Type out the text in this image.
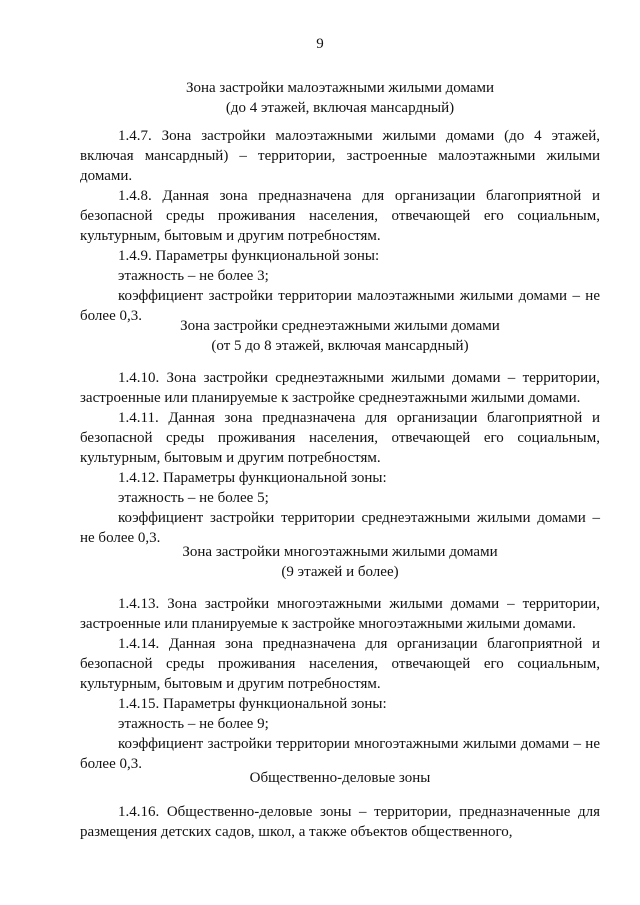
9
Зона застройки малоэтажными жилыми домами
(до 4 этажей, включая мансардный)

1.4.7. Зона застройки малоэтажными жилыми домами (до 4 этажей, включая мансардный) – территории, застроенные малоэтажными жилыми домами.

1.4.8. Данная зона предназначена для организации благоприятной и безопасной среды проживания населения, отвечающей его социальным, культурным, бытовым и другим потребностям.

1.4.9. Параметры функциональной зоны:

этажность – не более 3;

коэффициент застройки территории малоэтажными жилыми домами – не более 0,3.

Зона застройки среднеэтажными жилыми домами
(от 5 до 8 этажей, включая мансардный)

1.4.10. Зона застройки среднеэтажными жилыми домами – территории, застроенные или планируемые к застройке среднеэтажными жилыми домами.

1.4.11. Данная зона предназначена для организации благоприятной и безопасной среды проживания населения, отвечающей его социальным, культурным, бытовым и другим потребностям.

1.4.12. Параметры функциональной зоны:

этажность – не более 5;

коэффициент застройки территории среднеэтажными жилыми домами – не более 0,3.

Зона застройки многоэтажными жилыми домами
(9 этажей и более)

1.4.13. Зона застройки многоэтажными жилыми домами – территории, застроенные или планируемые к застройке многоэтажными жилыми домами.

1.4.14. Данная зона предназначена для организации благоприятной и безопасной среды проживания населения, отвечающей его социальным, культурным, бытовым и другим потребностям.

1.4.15. Параметры функциональной зоны:

этажность – не более 9;

коэффициент застройки территории многоэтажными жилыми домами – не более 0,3.

Общественно-деловые зоны

1.4.16. Общественно-деловые зоны – территории, предназначенные для размещения детских садов, школ, а также объектов общественного,
